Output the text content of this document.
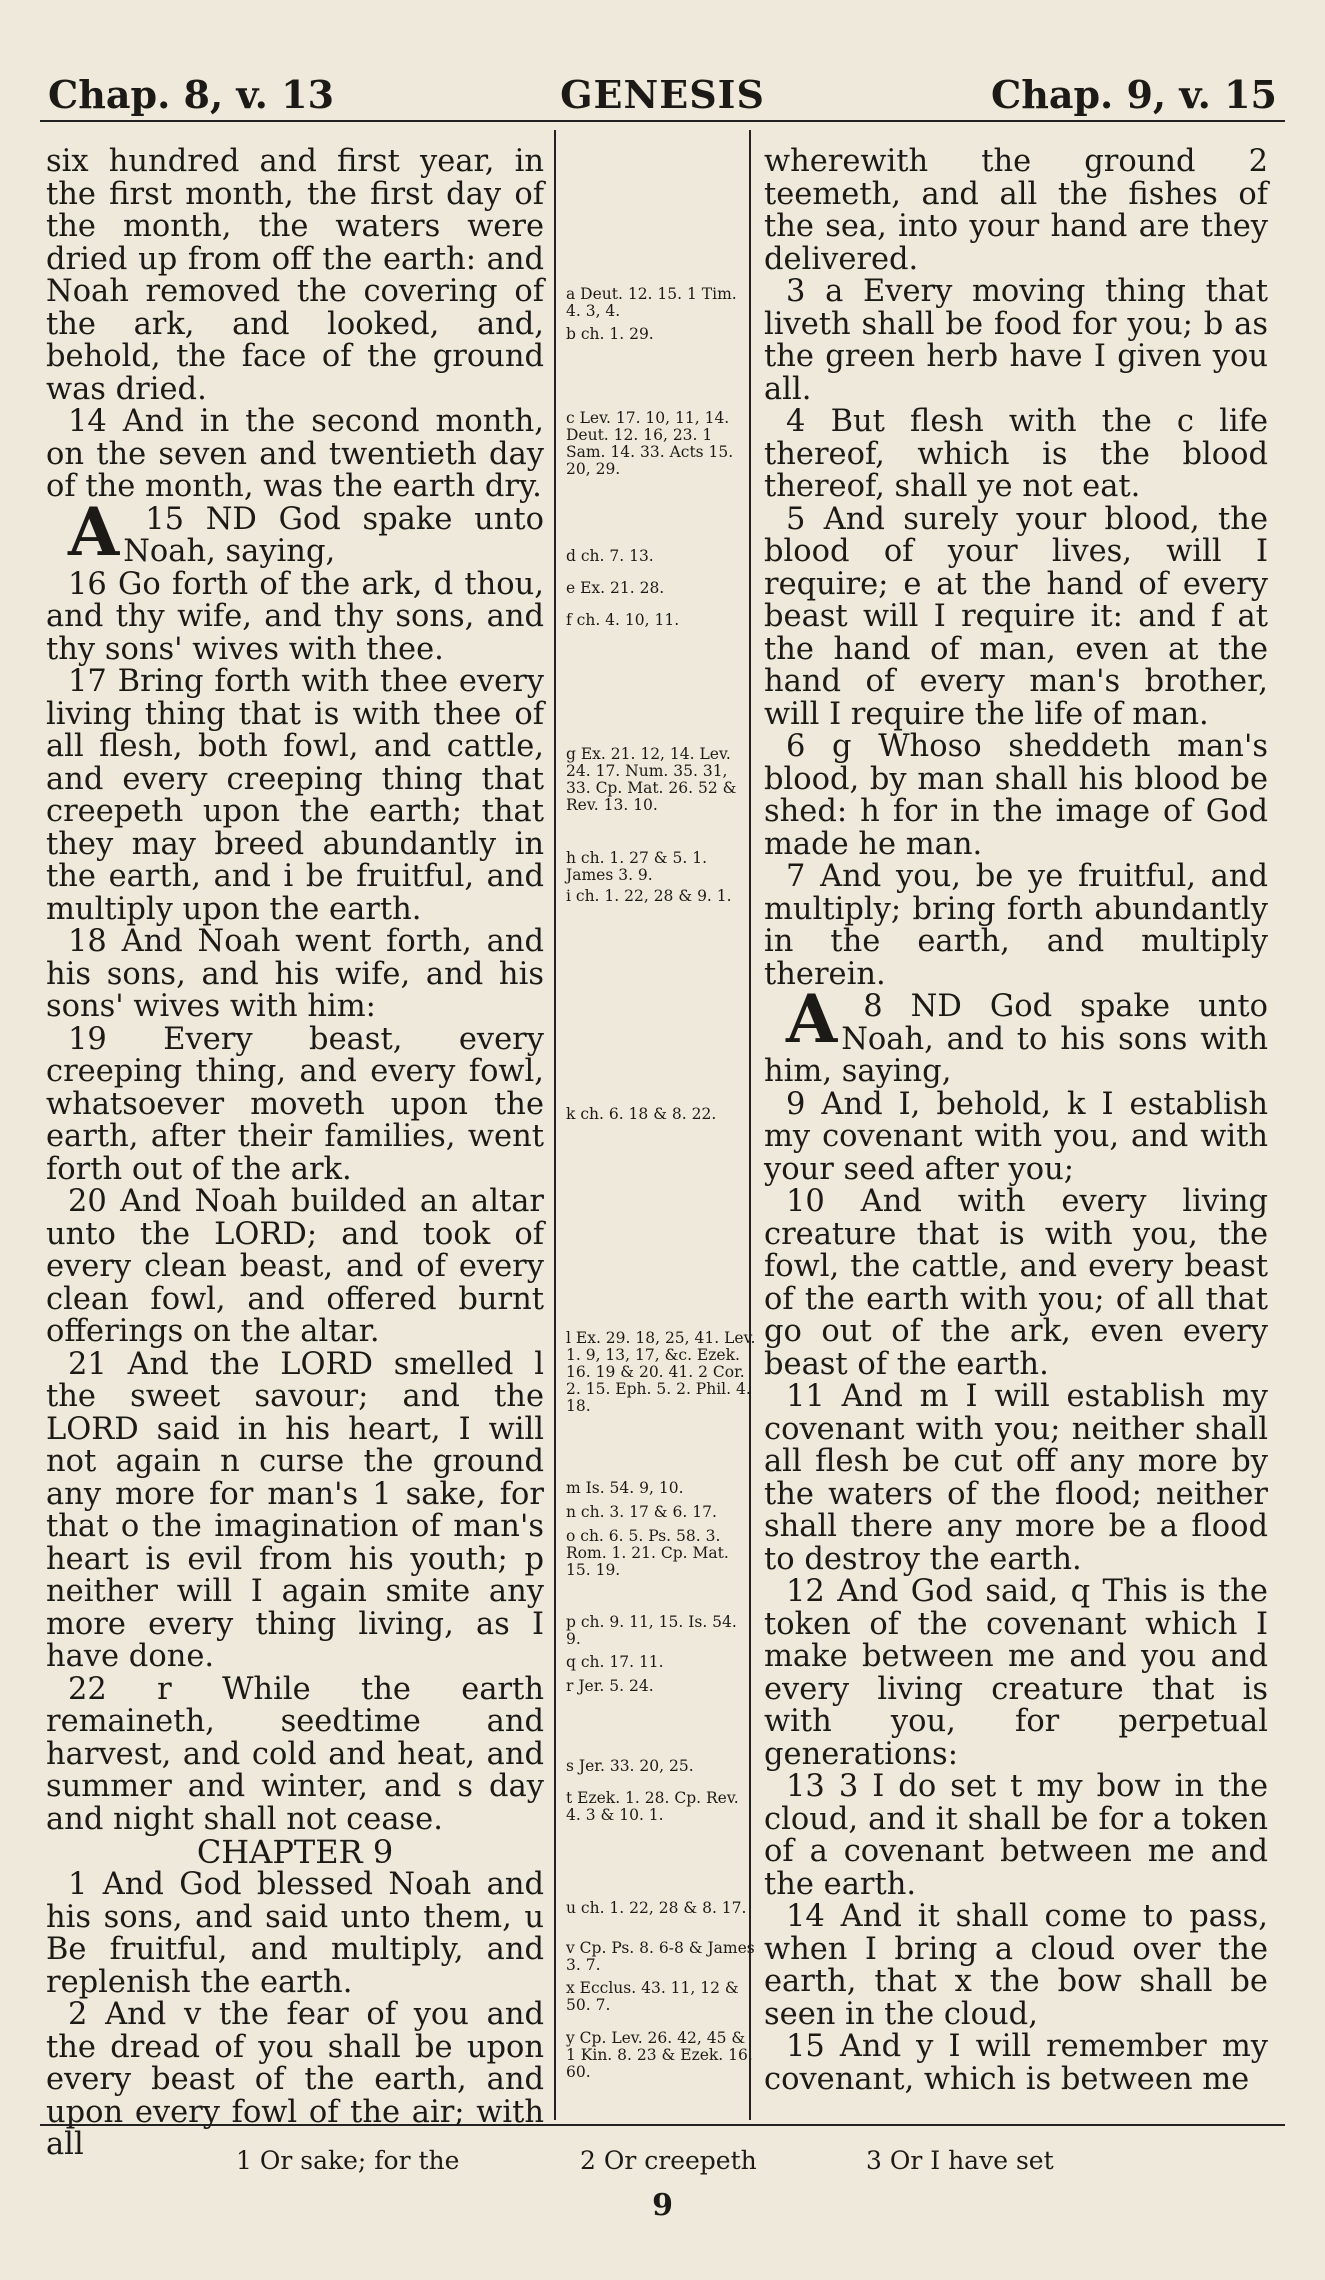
GENESIS
Chap. 8, v. 13	Chap. 9, v. 15

six hundred and first year, in the first month, the first day of the month, the waters were dried up from off the earth: and Noah removed the covering of the ark, and looked, and, behold, the face of the ground was dried.

14 And in the second month, on the seven and twentieth day of the month, was the earth dry.

15
A	ND God spake unto Noah, saying,

16 Go forth of the ark, d thou, and thy wife, and thy sons, and thy sons' wives with thee.

17 Bring forth with thee every living thing that is with thee of all flesh, both fowl, and cattle, and every creeping thing that creepeth upon the earth; that they may breed abundantly in the earth, and i be fruitful, and multiply upon the earth.

18 And Noah went forth, and his sons, and his wife, and his sons' wives with him:

19 Every beast, every creeping thing, and every fowl, whatsoever moveth upon the earth, after their families, went forth out of the ark.

20 And Noah builded an altar unto the LORD; and took of every clean beast, and of every clean fowl, and offered burnt offerings on the altar.

21 And the LORD smelled l the sweet savour; and the LORD said in his heart, I will not again n curse the ground any more for man's 1 sake, for that o the imagination of man's heart is evil from his youth; p neither will I again smite any more every thing living, as I have done.

22 r While the earth remaineth, seedtime and harvest, and cold and heat, and summer and winter, and s day and night shall not cease.

CHAPTER 9

1 And God blessed Noah and his sons, and said unto them, u Be fruitful, and multiply, and replenish the earth.

2 And v the fear of you and the dread of you shall be upon every beast of the earth, and upon every fowl of the air; with all

a Deut. 12. 15. 1 Tim. 4. 3, 4.
b ch. 1. 29.
c Lev. 17. 10, 11, 14. Deut. 12. 16, 23. 1 Sam. 14. 33. Acts 15. 20, 29.
d ch. 7. 13.
e Ex. 21. 28.
f ch. 4. 10, 11.
g Ex. 21. 12, 14. Lev. 24. 17. Num. 35. 31, 33. Cp. Mat. 26. 52 & Rev. 13. 10.
h ch. 1. 27 & 5. 1. James 3. 9.
i ch. 1. 22, 28 & 9. 1.
k ch. 6. 18 & 8. 22.
l Ex. 29. 18, 25, 41. Lev. 1. 9, 13, 17, &c. Ezek. 16. 19 & 20. 41. 2 Cor. 2. 15. Eph. 5. 2. Phil. 4. 18.
m Is. 54. 9, 10.
n ch. 3. 17 & 6. 17.
o ch. 6. 5. Ps. 58. 3. Rom. 1. 21. Cp. Mat. 15. 19.
p ch. 9. 11, 15. Is. 54. 9.
q ch. 17. 11.
r Jer. 5. 24.
s Jer. 33. 20, 25.
t Ezek. 1. 28. Cp. Rev. 4. 3 & 10. 1.
u ch. 1. 22, 28 & 8. 17.
v Cp. Ps. 8. 6-8 & James 3. 7.
x Ecclus. 43. 11, 12 & 50. 7.
y Cp. Lev. 26. 42, 45 & 1 Kin. 8. 23 & Ezek. 16. 60.

wherewith the ground 2 teemeth, and all the fishes of the sea, into your hand are they delivered.

3 a Every moving thing that liveth shall be food for you; b as the green herb have I given you all.

4 But flesh with the c life thereof, which is the blood thereof, shall ye not eat.

5 And surely your blood, the blood of your lives, will I require; e at the hand of every beast will I require it: and f at the hand of man, even at the hand of every man's brother, will I require the life of man.

6 g Whoso sheddeth man's blood, by man shall his blood be shed: h for in the image of God made he man.

7 And you, be ye fruitful, and multiply; bring forth abundantly in the earth, and multiply therein.

8
A ND God spake unto Noah, and to his sons with him, saying,

9 And I, behold, k I establish my covenant with you, and with your seed after you;

10 And with every living creature that is with you, the fowl, the cattle, and every beast of the earth with you; of all that go out of the ark, even every beast of the earth.

11 And m I will establish my covenant with you; neither shall all flesh be cut off any more by the waters of the flood; neither shall there any more be a flood to destroy the earth.

12 And God said, q This is the token of the covenant which I make between me and you and every living creature that is with you, for perpetual generations:

13 3 I do set t my bow in the cloud, and it shall be for a token of a covenant between me and the earth.

14 And it shall come to pass, when I bring a cloud over the earth, that x the bow shall be seen in the cloud,

15 And y I will remember my covenant, which is between me

1 Or sake; for the	2 Or creepeth	3 Or I have set
9
